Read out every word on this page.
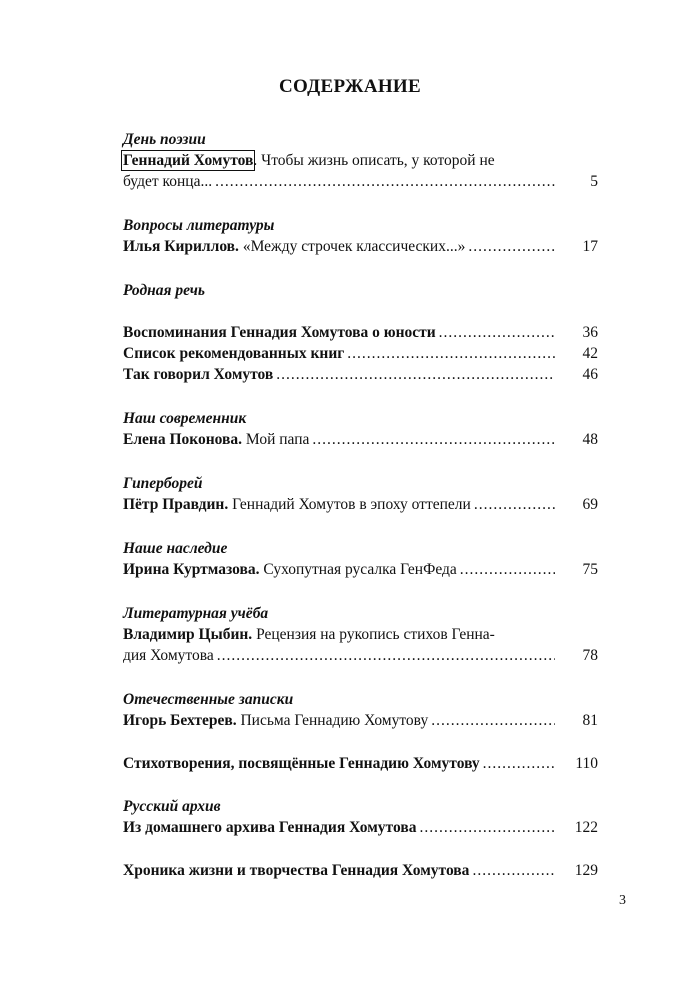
СОДЕРЖАНИЕ
День поэзии
Геннадий Хомутов. Чтобы жизнь описать, у которой не
будет конца... .....	5
Вопросы литературы
Илья Кириллов. «Между строчек классических...» .....	17
Родная речь
Воспоминания Геннадия Хомутова о юности .....	36
Список рекомендованных книг .....	42
Так говорил Хомутов .....	46
Наш современник
Елена Поконова. Мой папа .....	48
Гиперборей
Пётр Правдин. Геннадий Хомутов в эпоху оттепели .....	69
Наше наследие
Ирина Куртмазова. Сухопутная русалка ГенФеда .....	75
Литературная учёба
Владимир Цыбин. Рецензия на рукопись стихов Генна-
дия Хомутова .....	78
Отечественные записки
Игорь Бехтерев. Письма Геннадию Хомутову .....	81
Стихотворения, посвящённые Геннадию Хомутову .....	110
Русский архив
Из домашнего архива Геннадия Хомутова .....	122
Хроника жизни и творчества Геннадия Хомутова .....	129
3
